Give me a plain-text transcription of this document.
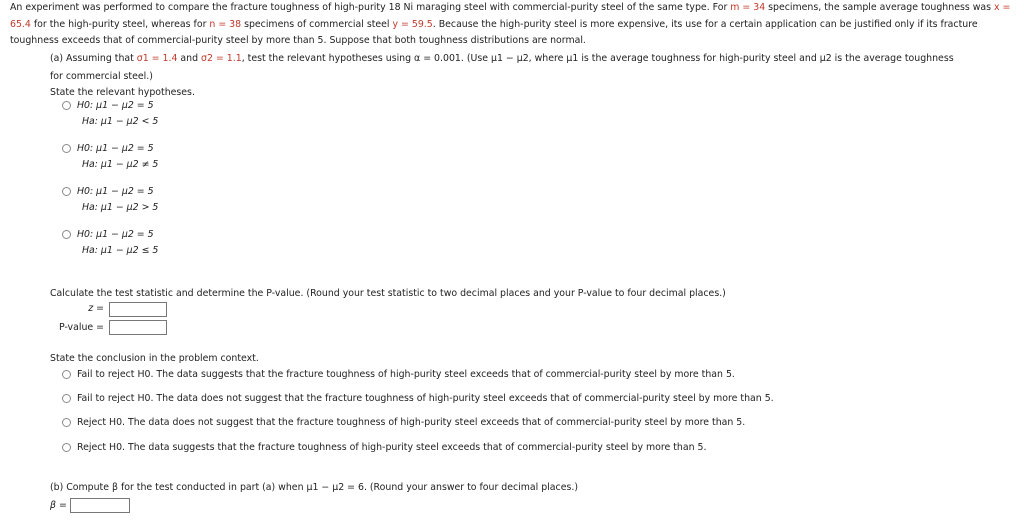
An experiment was performed to compare the fracture toughness of high-purity 18 Ni maraging steel with commercial-purity steel of the same type. For m = 34 specimens, the sample average toughness was x = 65.4 for the high-purity steel, whereas for n = 38 specimens of commercial steel y = 59.5. Because the high-purity steel is more expensive, its use for a certain application can be justified only if its fracture toughness exceeds that of commercial-purity steel by more than 5. Suppose that both toughness distributions are normal.
(a) Assuming that σ1 = 1.4 and σ2 = 1.1, test the relevant hypotheses using α = 0.001. (Use μ1 − μ2, where μ1 is the average toughness for high-purity steel and μ2 is the average toughness
for commercial steel.)
State the relevant hypotheses.
H0: μ1 − μ2 = 5
Ha: μ1 − μ2 < 5
H0: μ1 − μ2 = 5
Ha: μ1 − μ2 ≠ 5
H0: μ1 − μ2 = 5
Ha: μ1 − μ2 > 5
H0: μ1 − μ2 = 5
Ha: μ1 − μ2 ≤ 5
Calculate the test statistic and determine the P-value. (Round your test statistic to two decimal places and your P-value to four decimal places.)
z =
P-value =
State the conclusion in the problem context.
Fail to reject H0. The data suggests that the fracture toughness of high-purity steel exceeds that of commercial-purity steel by more than 5.
Fail to reject H0. The data does not suggest that the fracture toughness of high-purity steel exceeds that of commercial-purity steel by more than 5.
Reject H0. The data does not suggest that the fracture toughness of high-purity steel exceeds that of commercial-purity steel by more than 5.
Reject H0. The data suggests that the fracture toughness of high-purity steel exceeds that of commercial-purity steel by more than 5.
(b) Compute β for the test conducted in part (a) when μ1 − μ2 = 6. (Round your answer to four decimal places.)
β =
